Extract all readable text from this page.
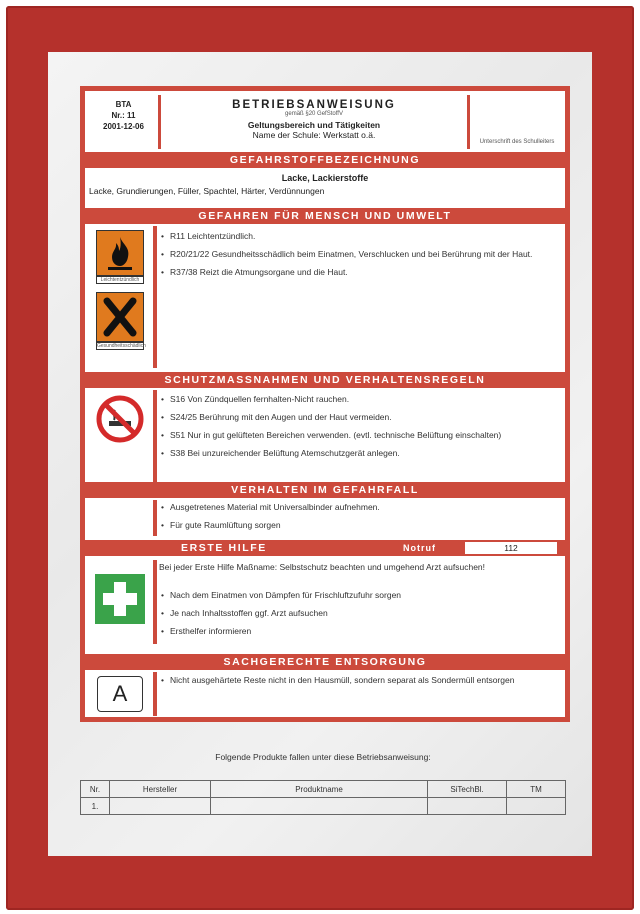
BTA
Nr.: 11
2001-12-06
BETRIEBSANWEISUNG
gemäß §20 GefStoffV
Geltungsbereich und Tätigkeiten
Name der Schule: Werkstatt o.ä.
Unterschrift des Schulleiters
GEFAHRSTOFFBEZEICHNUNG
Lacke, Lackierstoffe
Lacke, Grundierungen, Füller, Spachtel, Härter, Verdünnungen
GEFAHREN FÜR MENSCH UND UMWELT
Leichtentzündlich
Gesundheitsschädlich
• R11 Leichtentzündlich.
• R20/21/22 Gesundheitsschädlich beim Einatmen, Verschlucken und bei Berührung mit der Haut.
• R37/38 Reizt die Atmungsorgane und die Haut.
SCHUTZMASSNAHMEN UND VERHALTENSREGELN
• S16 Von Zündquellen fernhalten-Nicht rauchen.
• S24/25 Berührung mit den Augen und der Haut vermeiden.
• S51 Nur in gut gelüfteten Bereichen verwenden. (evtl. technische Belüftung einschalten)
• S38 Bei unzureichender Belüftung Atemschutzgerät anlegen.
VERHALTEN IM GEFAHRFALL
• Ausgetretenes Material mit Universalbinder aufnehmen.
• Für gute Raumlüftung sorgen
ERSTE HILFE	Notruf	112
Bei jeder Erste Hilfe Maßname: Selbstschutz beachten und umgehend Arzt aufsuchen!
• Nach dem Einatmen von Dämpfen für Frischluftzufuhr sorgen
• Je nach Inhaltsstoffen ggf. Arzt aufsuchen
• Ersthelfer informieren
SACHGERECHTE ENTSORGUNG
A
• Nicht ausgehärtete Reste nicht in den Hausmüll, sondern separat als Sondermüll entsorgen
Folgende Produkte fallen unter diese Betriebsanweisung:
Nr.	Hersteller	Produktname	SiTechBl.	TM
1.				
